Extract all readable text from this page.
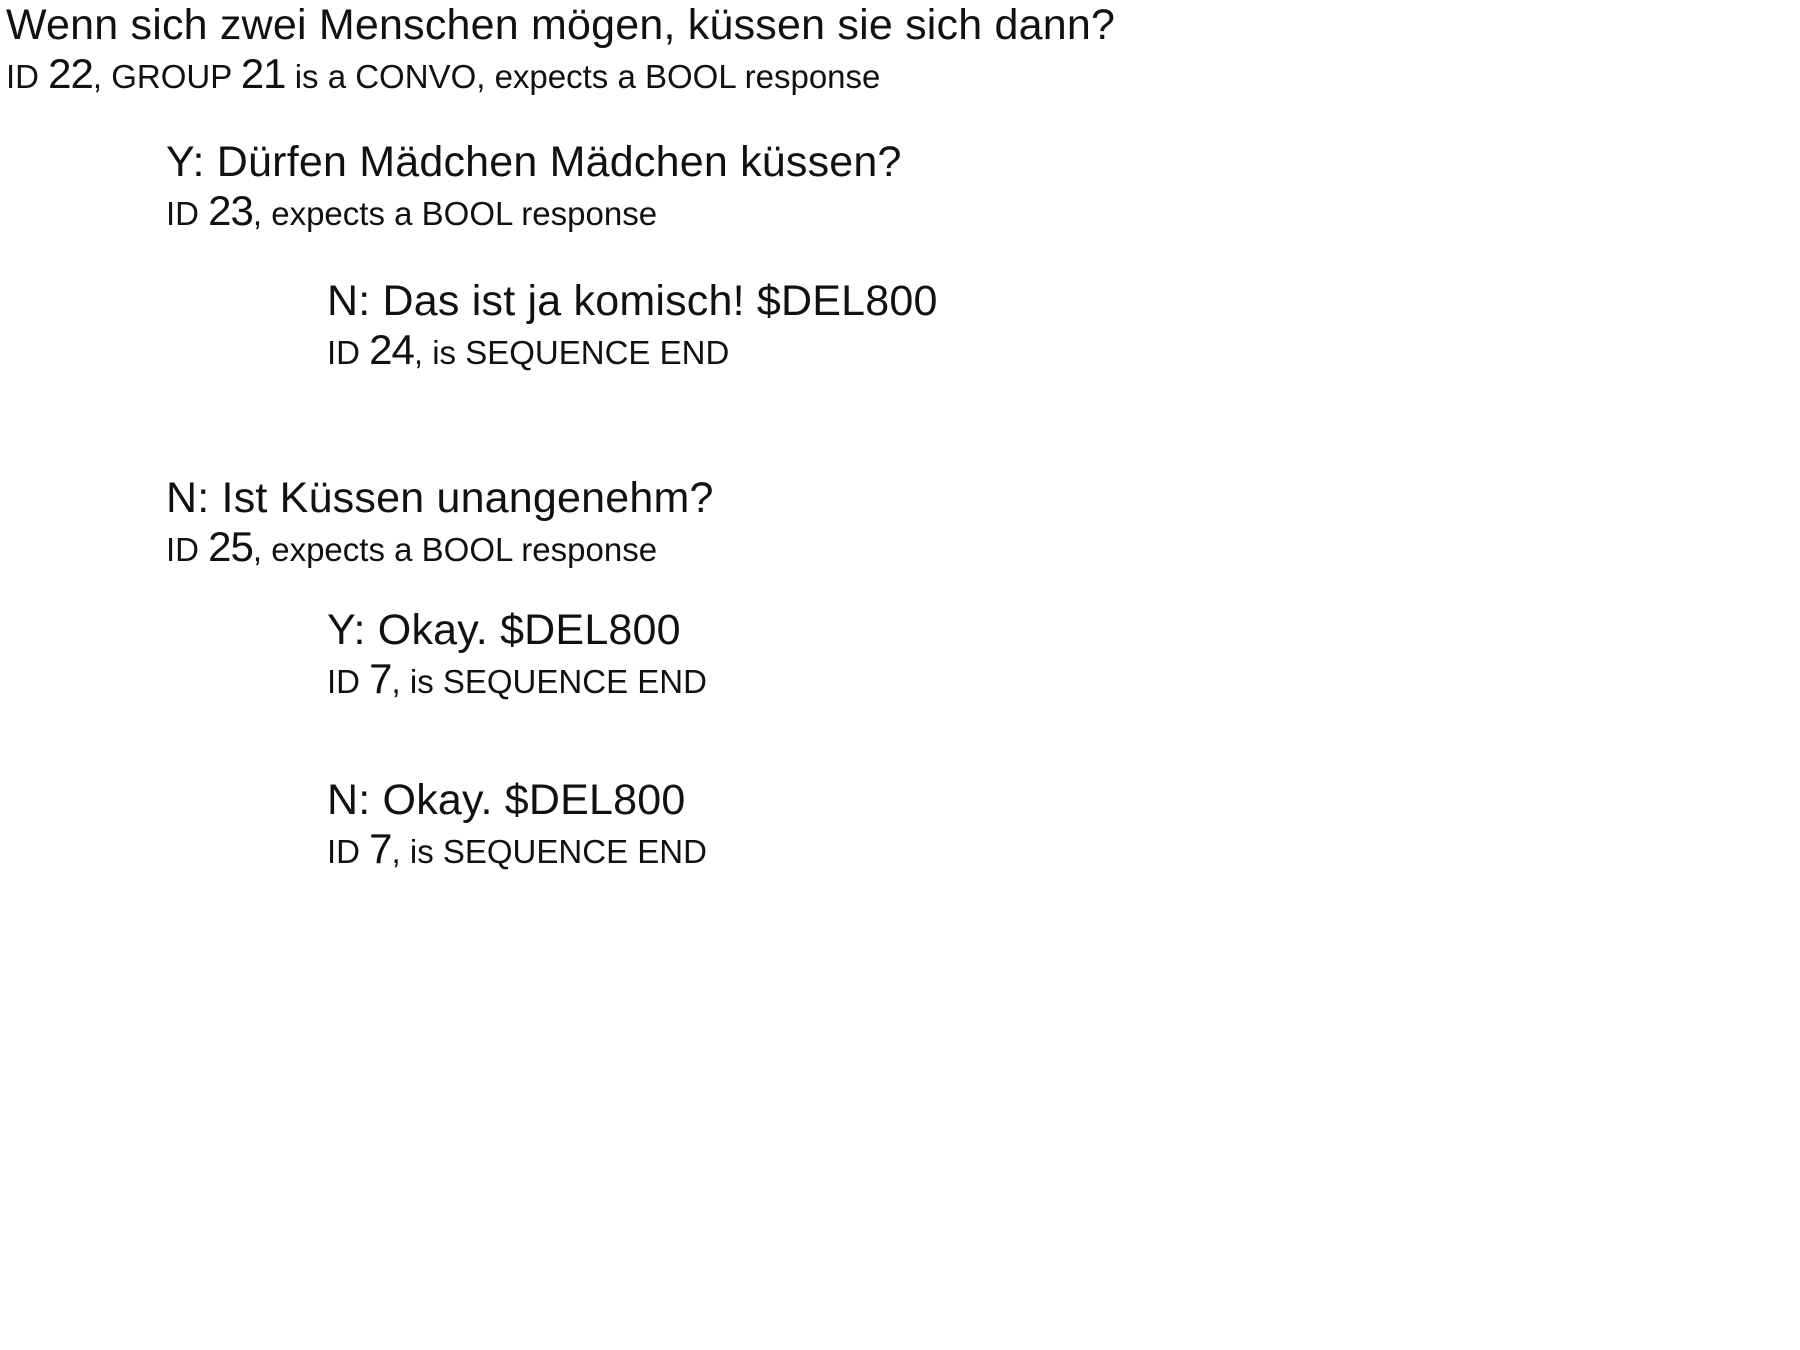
Wenn sich zwei Menschen mögen, küssen sie sich dann?
ID 22, GROUP 21 is a CONVO, expects a BOOL response
Y: Dürfen Mädchen Mädchen küssen?
ID 23, expects a BOOL response
N: Das ist ja komisch! $DEL800
ID 24, is SEQUENCE END
N: Ist Küssen unangenehm?
ID 25, expects a BOOL response
Y: Okay. $DEL800
ID 7, is SEQUENCE END
N: Okay. $DEL800
ID 7, is SEQUENCE END
